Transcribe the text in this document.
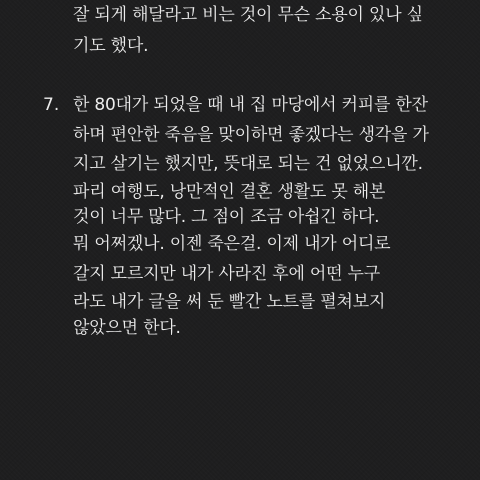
잘 되게 해달라고 비는 것이 무슨 소용이 있나 싶
기도 했다.
7. 한 80대가 되었을 때 내 집 마당에서 커피를 한잔
하며 편안한 죽음을 맞이하면 좋겠다는 생각을 가
지고 살기는 했지만, 뜻대로 되는 건 없었으니깐.
파리 여행도, 낭만적인 결혼 생활도 못 해본
것이 너무 많다. 그 점이 조금 아쉽긴 하다.
뭐 어쩌겠나. 이젠 죽은걸. 이제 내가 어디로
갈지 모르지만 내가 사라진 후에 어떤 누구
라도 내가 글을 써 둔 빨간 노트를 펼쳐보지
않았으면 한다.
